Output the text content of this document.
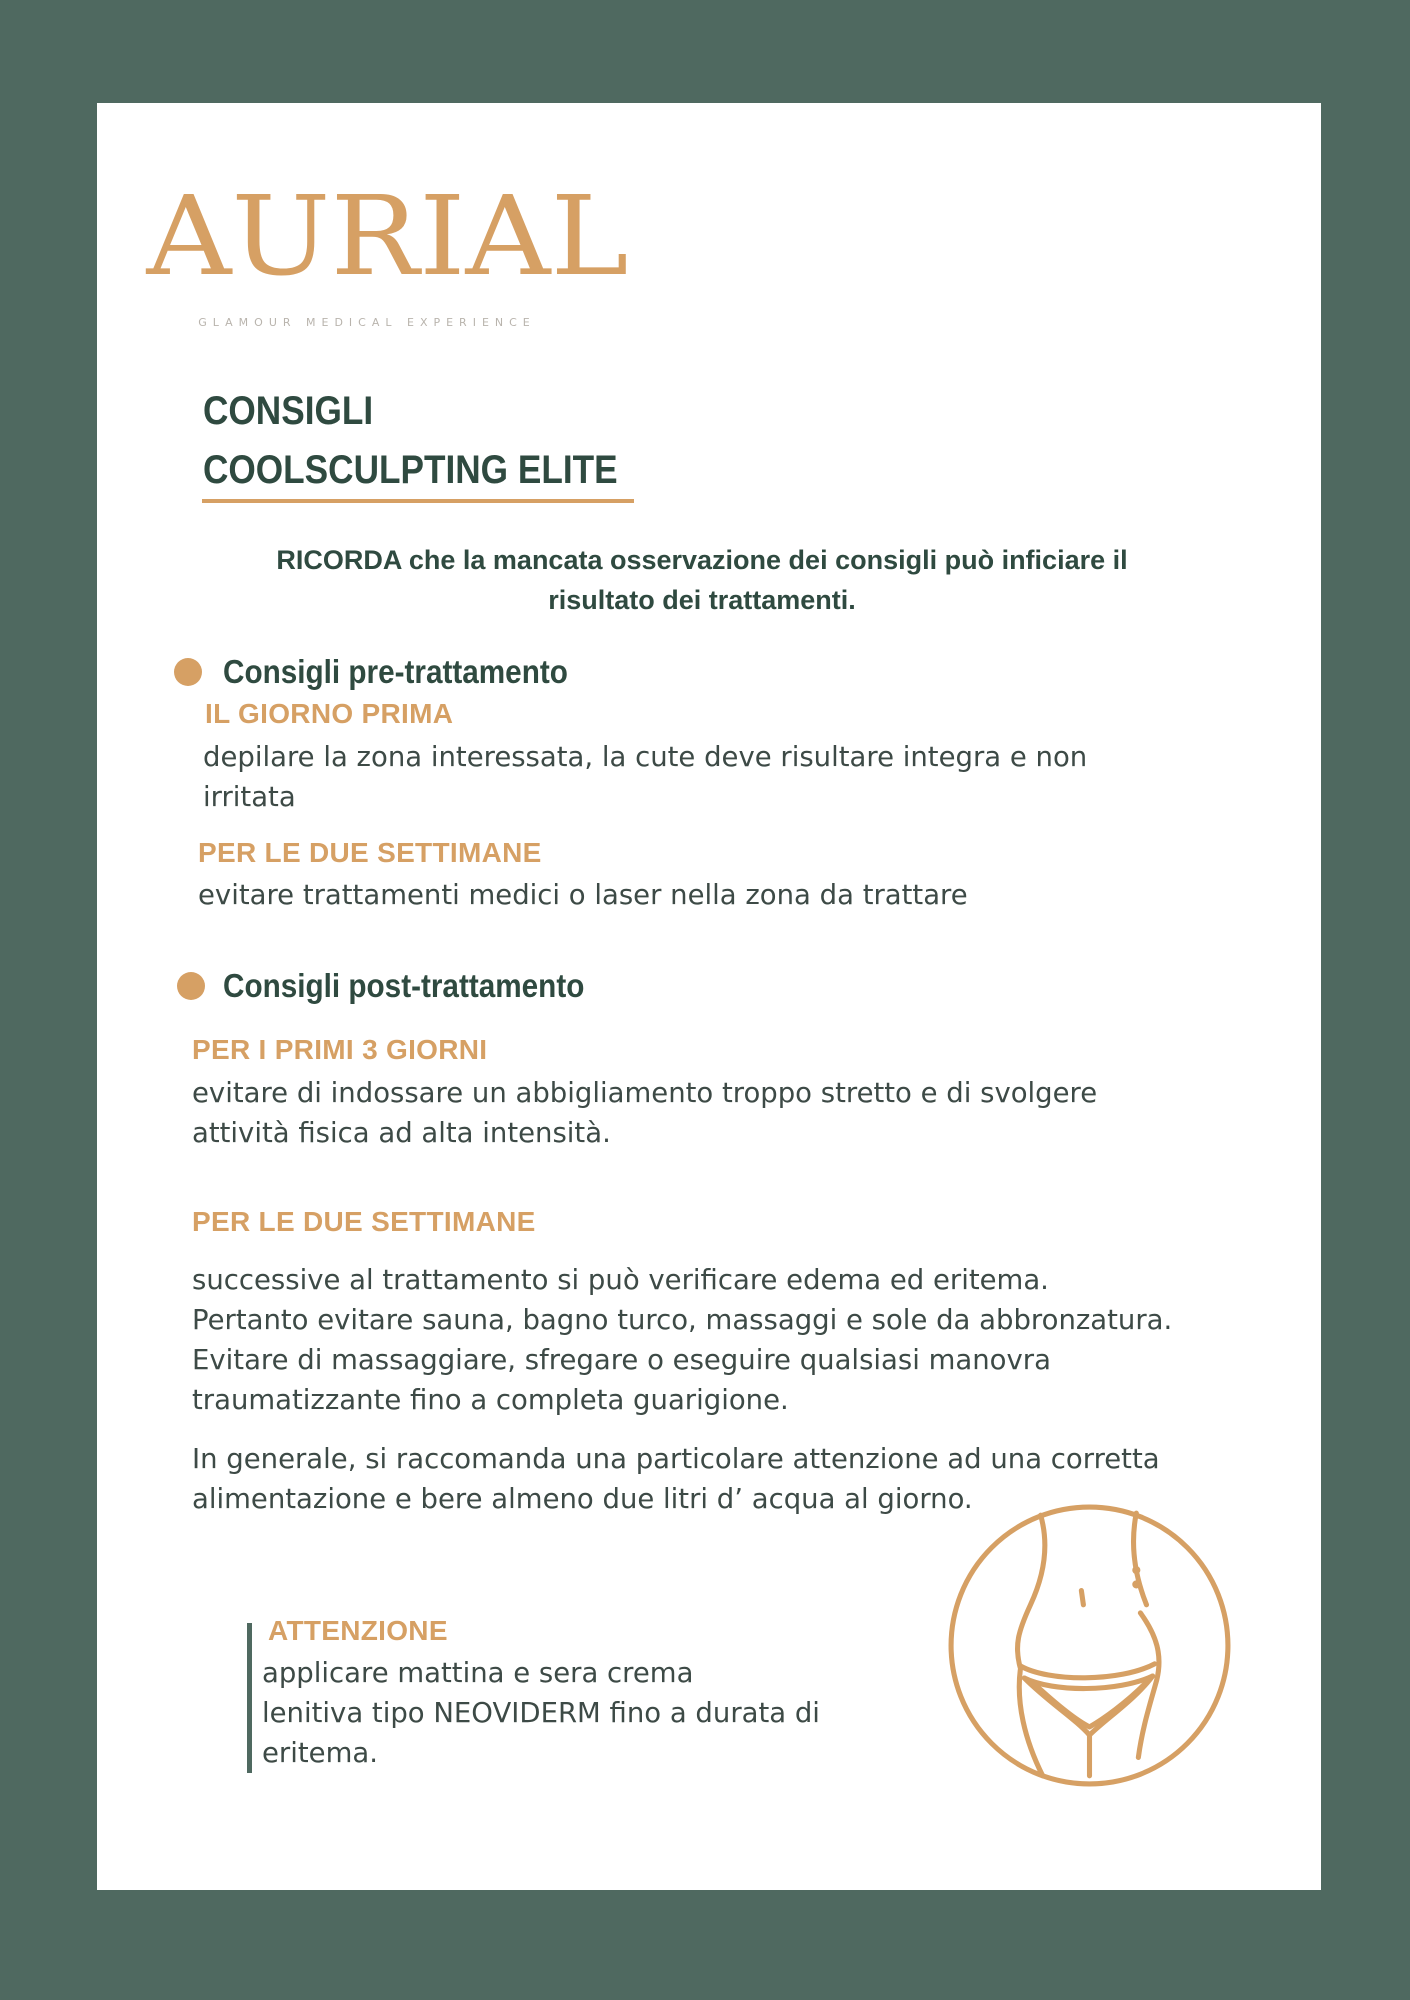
AURIAL
GLAMOUR MEDICAL EXPERIENCE
CONSIGLI
COOLSCULPTING ELITE
RICORDA che la mancata osservazione dei consigli può inficiare il risultato dei trattamenti.
Consigli pre-trattamento
IL GIORNO PRIMA
depilare la zona interessata, la cute deve risultare integra e non
irritata
PER LE DUE SETTIMANE
evitare trattamenti medici o laser nella zona da trattare
Consigli post-trattamento
PER I PRIMI 3 GIORNI
evitare di indossare un abbigliamento troppo stretto e di svolgere
attività fisica ad alta intensità.
PER LE DUE SETTIMANE
successive al trattamento si può verificare edema ed eritema.
Pertanto evitare sauna, bagno turco, massaggi e sole da abbronzatura.
Evitare di massaggiare, sfregare o eseguire qualsiasi manovra
traumatizzante fino a completa guarigione.
In generale, si raccomanda una particolare attenzione ad una corretta
alimentazione e bere almeno due litri d’ acqua al giorno.
ATTENZIONE
applicare mattina e sera crema
lenitiva tipo NEOVIDERM fino a durata di
eritema.
